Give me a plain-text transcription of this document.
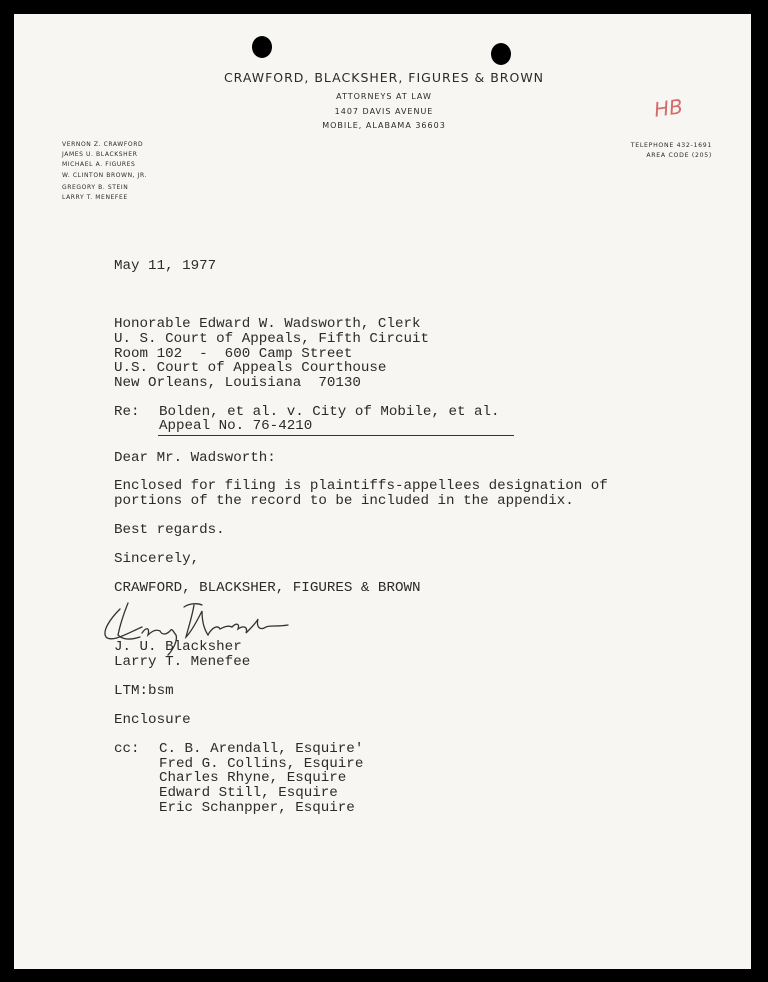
CRAWFORD, BLACKSHER, FIGURES & BROWN
ATTORNEYS AT LAW
1407 DAVIS AVENUE
MOBILE, ALABAMA 36603
VERNON Z. CRAWFORD
JAMES U. BLACKSHER
MICHAEL A. FIGURES
W. CLINTON BROWN, JR.
GREGORY B. STEIN
LARRY T. MENEFEE
TELEPHONE 432-1691
AREA CODE (205)
HB
May 11, 1977
Honorable Edward W. Wadsworth, Clerk
U. S. Court of Appeals, Fifth Circuit
Room 102  -  600 Camp Street
U.S. Court of Appeals Courthouse
New Orleans, Louisiana  70130
Re: Bolden, et al. v. City of Mobile, et al.
Appeal No. 76-4210
Dear Mr. Wadsworth:
Enclosed for filing is plaintiffs-appellees designation of
portions of the record to be included in the appendix.
Best regards.
Sincerely,
CRAWFORD, BLACKSHER, FIGURES & BROWN
J. U. Blacksher
Larry T. Menefee
LTM:bsm
Enclosure
cc: C. B. Arendall, Esquire'
Fred G. Collins, Esquire
Charles Rhyne, Esquire
Edward Still, Esquire
Eric Schanpper, Esquire
